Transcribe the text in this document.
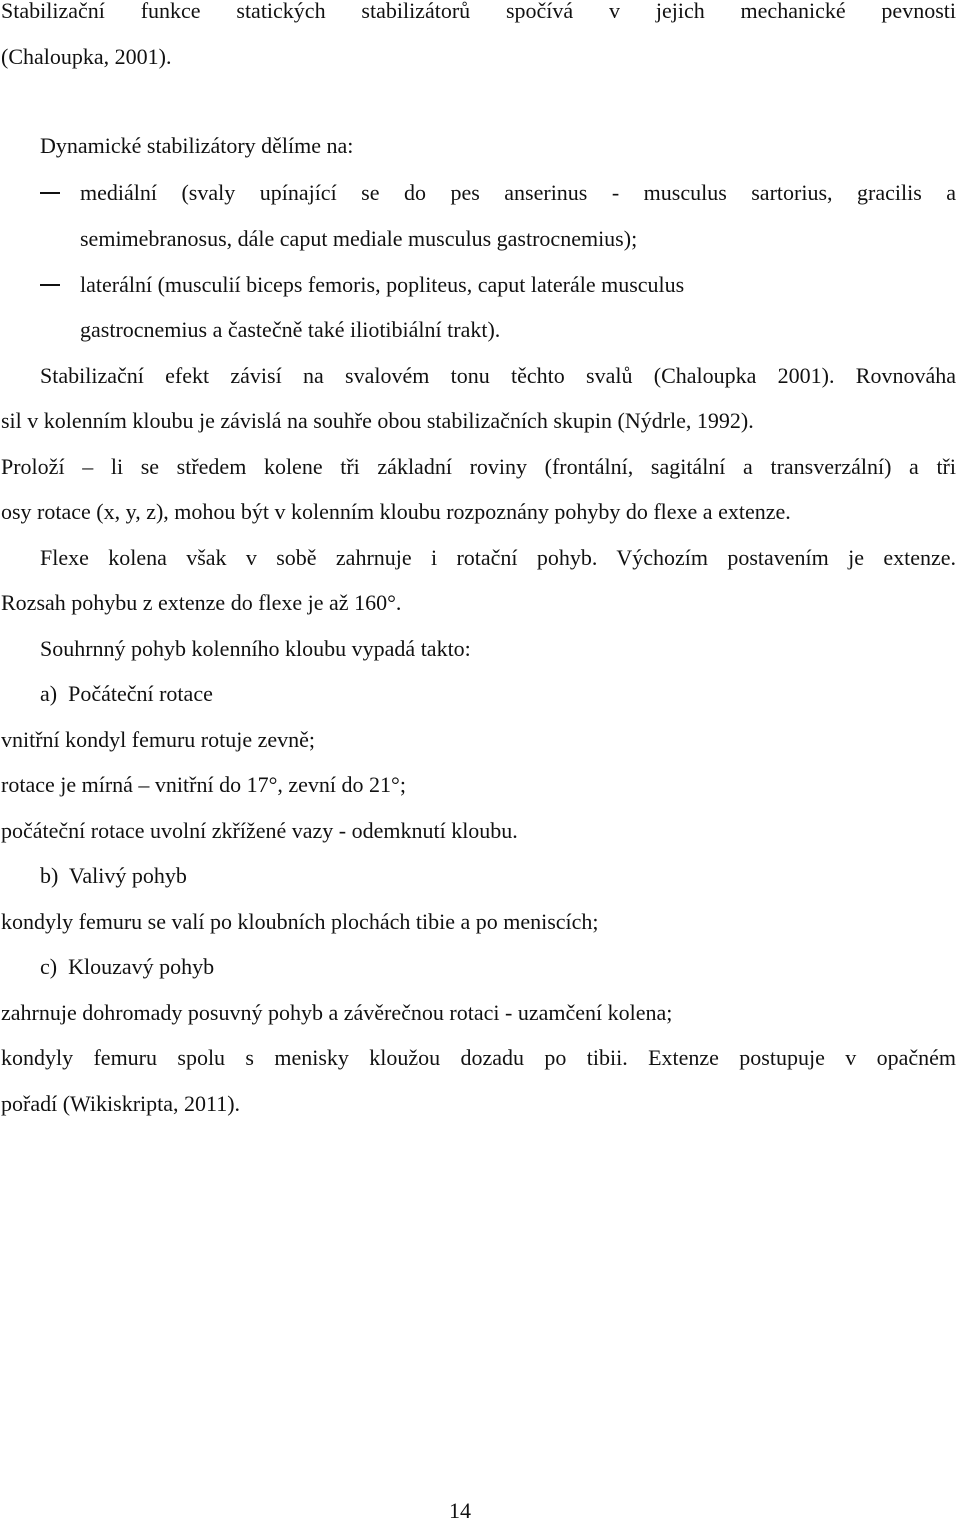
Stabilizační funkce statických stabilizátorů spočívá v jejich mechanické pevnosti
(Chaloupka, 2001).
Dynamické stabilizátory dělíme na:
mediální (svaly upínající se do pes anserinus - musculus sartorius, gracilis a
semimebranosus, dále caput mediale musculus gastrocnemius);
laterální (musculií biceps femoris, popliteus, caput laterále musculus
gastrocnemius a častečně také iliotibiální trakt).
Stabilizační efekt závisí na svalovém tonu těchto svalů (Chaloupka 2001). Rovnováha
sil v kolenním kloubu je závislá na souhře obou stabilizačních skupin (Nýdrle, 1992).
Proloží – li se středem kolene tři základní roviny (frontální, sagitální a transverzální) a tři
osy rotace (x, y, z), mohou být v kolenním kloubu rozpoznány pohyby do flexe a extenze.
Flexe kolena však v sobě zahrnuje i rotační pohyb. Výchozím postavením je extenze.
Rozsah pohybu z extenze do flexe je až 160°.
Souhrnný pohyb kolenního kloubu vypadá takto:
a)  Počáteční rotace
vnitřní kondyl femuru rotuje zevně;
rotace je mírná – vnitřní do 17°, zevní do 21°;
počáteční rotace uvolní zkřížené vazy - odemknutí kloubu.
b)  Valivý pohyb
kondyly femuru se valí po kloubních plochách tibie a po meniscích;
c)  Klouzavý pohyb
zahrnuje dohromady posuvný pohyb a závěrečnou rotaci - uzamčení kolena;
kondyly femuru spolu s menisky kloužou dozadu po tibii. Extenze postupuje v opačném
pořadí (Wikiskripta, 2011).
14
